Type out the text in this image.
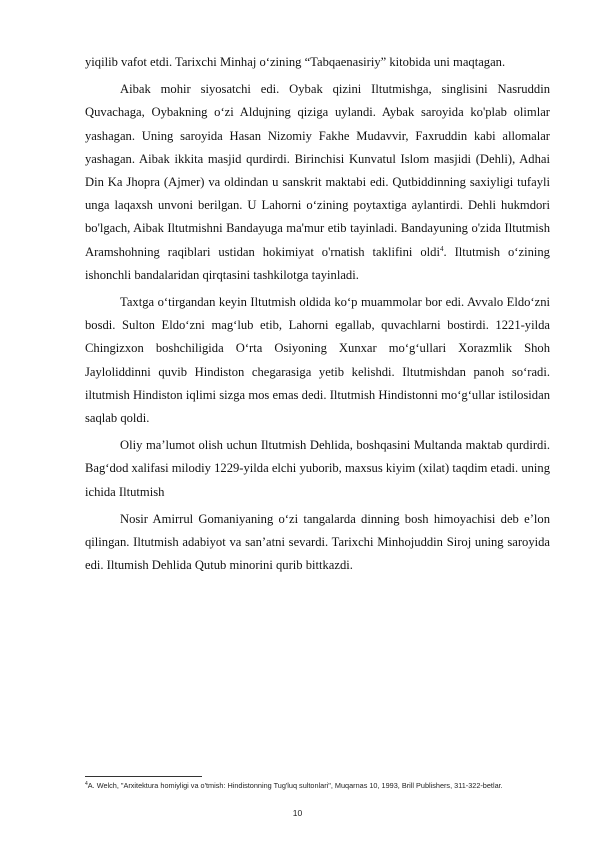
yiqilib vafot etdi. Tarixchi Minhaj o‘zining “Tabqaenasiriy” kitobida uni maqtagan.

Aibak mohir siyosatchi edi. Oybak qizini Iltutmishga, singlisini Nasruddin Quvachaga, Oybakning o‘zi Aldujning qiziga uylandi. Aybak saroyida ko'plab olimlar yashagan. Uning saroyida Hasan Nizomiy Fakhe Mudavvir, Faxruddin kabi allomalar yashagan. Aibak ikkita masjid qurdirdi. Birinchisi Kunvatul Islom masjidi (Dehli), Adhai Din Ka Jhopra (Ajmer) va oldindan u sanskrit maktabi edi. Qutbiddinning saxiyligi tufayli unga laqaxsh unvoni berilgan. U Lahorni o‘zining poytaxtiga aylantirdi. Dehli hukmdori bo'lgach, Aibak Iltutmishni Bandayuga ma'mur etib tayinladi. Bandayuning o'zida Iltutmish Aramshohning raqiblari ustidan hokimiyat o'rnatish taklifini oldi$^4$. Iltutmish o‘zining ishonchli bandalaridan qirqtasini tashkilotga tayinladi.

Taxtga o‘tirgandan keyin Iltutmish oldida ko‘p muammolar bor edi. Avvalo Eldo‘zni bosdi. Sulton Eldo‘zni mag‘lub etib, Lahorni egallab, quvachlarni bostirdi. 1221-yilda Chingizxon boshchiligida O‘rta Osiyoning Xunxar mo‘g‘ullari Xorazmlik Shoh Jayloliddinni quvib Hindiston chegarasiga yetib kelishdi. Iltutmishdan panoh so‘radi. iltutmish Hindiston iqlimi sizga mos emas dedi. Iltutmish Hindistonni mo‘g‘ullar istilosidan saqlab qoldi.

Oliy ma’lumot olish uchun Iltutmish Dehlida, boshqasini Multanda maktab qurdirdi. Bag‘dod xalifasi milodiy 1229-yilda elchi yuborib, maxsus kiyim (xilat) taqdim etadi. uning ichida Iltutmish

Nosir Amirrul Gomaniyaning o‘zi tangalarda dinning bosh himoyachisi deb e’lon qilingan. Iltutmish adabiyot va san’atni sevardi. Tarixchi Minhojuddin Siroj uning saroyida edi. Iltumish Dehlida Qutub minorini qurib bittkazdi.

$^4$A. Welch, "Arxitektura homiyligi va o'tmish: Hindistonning Tug'luq sultonlari", Muqarnas 10, 1993, Brill Publishers, 311-322-betlar.
10
